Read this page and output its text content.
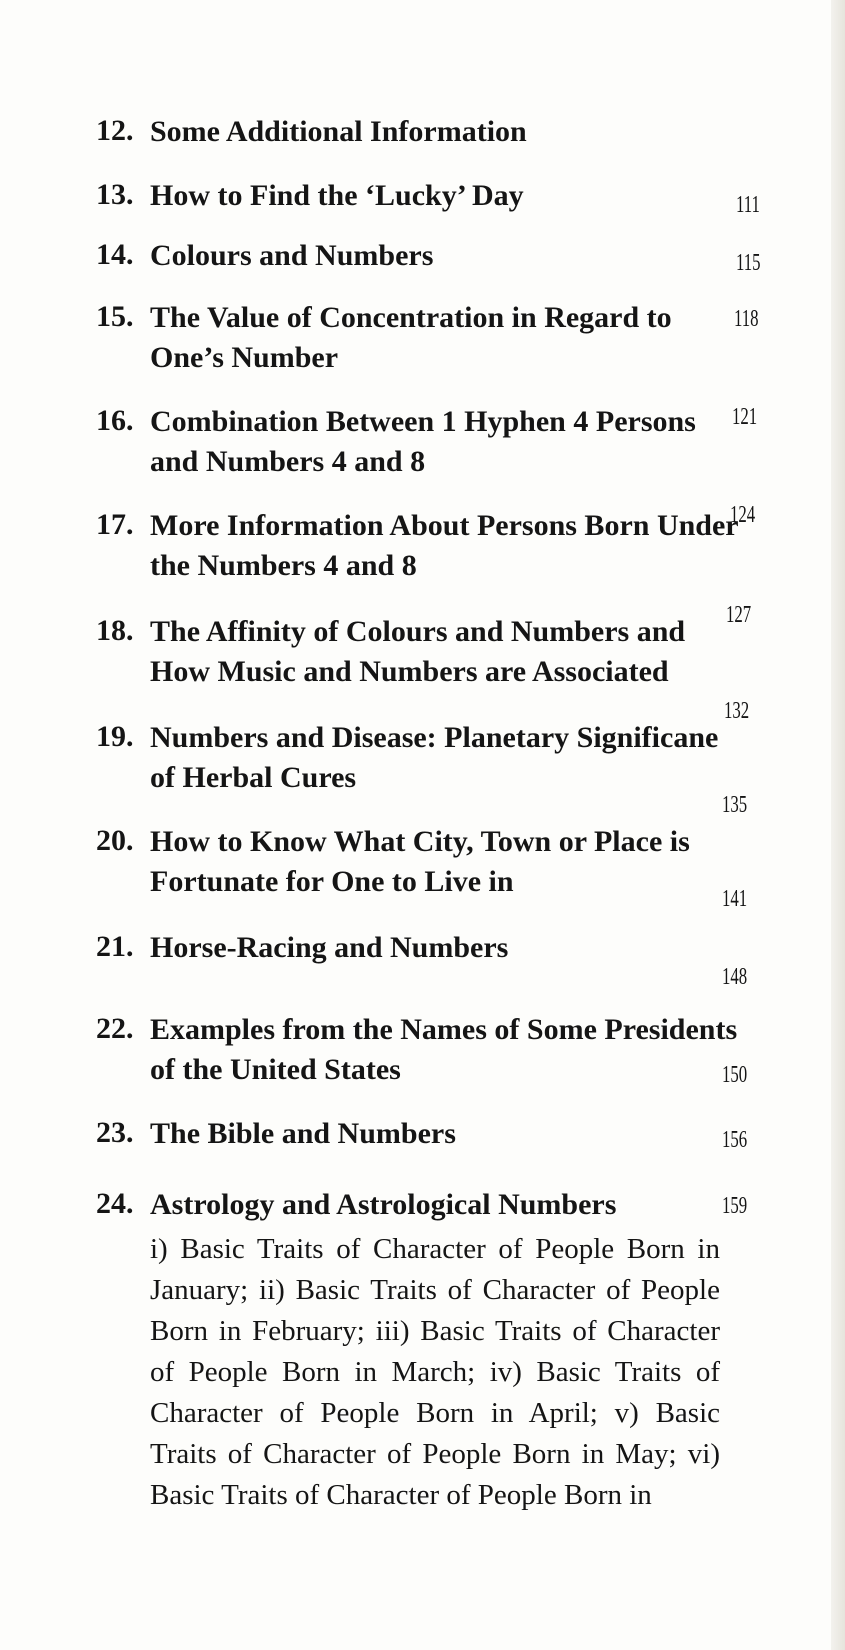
12. Some Additional Information
13. How to Find the ‘Lucky’ Day	111
14. Colours and Numbers	115
15. The Value of Concentration in Regard to One’s Number
118
16. Combination Between 1 Hyphen 4 Persons and Numbers 4 and 8
121
17. More Information About Persons Born Under the Numbers 4 and 8
124
18. The Affinity of Colours and Numbers and How Music and Numbers are Associated
127
19. Numbers and Disease: Planetary Significane of Herbal Cures
132
20. How to Know What City, Town or Place is Fortunate for One to Live in
135
21. Horse-Racing and Numbers
141
22. Examples from the Names of Some Presidents of the United States
148
23. The Bible and Numbers
150
24. Astrology and Astrological Numbers
156
159
i) Basic Traits of Character of People Born in January; ii) Basic Traits of Character of People Born in February; iii) Basic Traits of Character of People Born in March; iv) Basic Traits of Character of People Born in April; v) Basic Traits of Character of People Born in May; vi) Basic Traits of Character of People Born in
